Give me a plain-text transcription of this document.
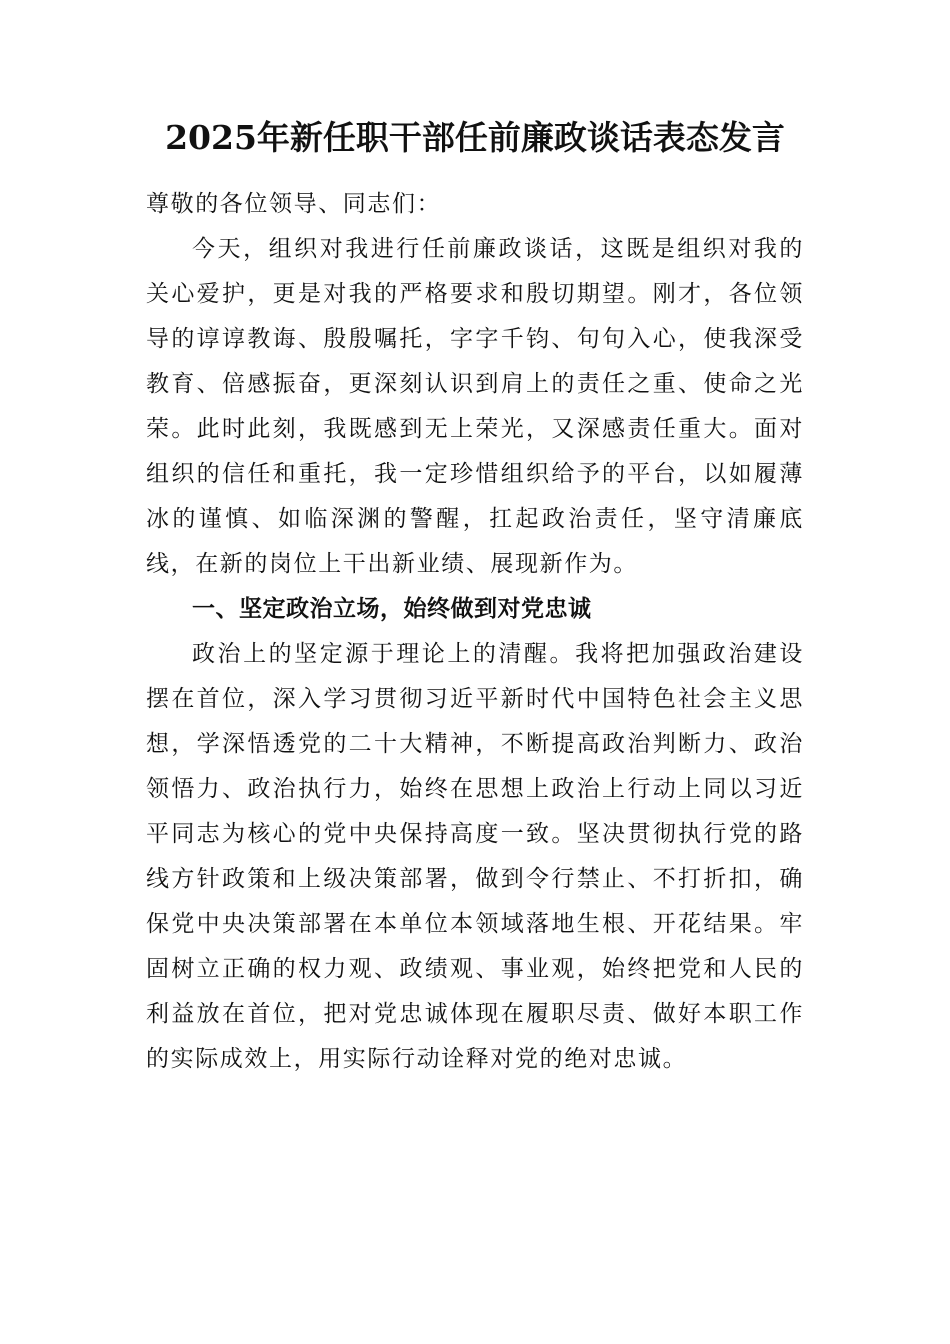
2025年新任职干部任前廉政谈话表态发言

尊敬的各位领导、同志们：

今天，组织对我进行任前廉政谈话，这既是组织对我的关心爱护，更是对我的严格要求和殷切期望。刚才，各位领导的谆谆教诲、殷殷嘱托，字字千钧、句句入心，使我深受教育、倍感振奋，更深刻认识到肩上的责任之重、使命之光荣。此时此刻，我既感到无上荣光，又深感责任重大。面对组织的信任和重托，我一定珍惜组织给予的平台，以如履薄冰的谨慎、如临深渊的警醒，扛起政治责任，坚守清廉底线，在新的岗位上干出新业绩、展现新作为。

一、坚定政治立场，始终做到对党忠诚

政治上的坚定源于理论上的清醒。我将把加强政治建设摆在首位，深入学习贯彻习近平新时代中国特色社会主义思想，学深悟透党的二十大精神，不断提高政治判断力、政治领悟力、政治执行力，始终在思想上政治上行动上同以习近平同志为核心的党中央保持高度一致。坚决贯彻执行党的路线方针政策和上级决策部署，做到令行禁止、不打折扣，确保党中央决策部署在本单位本领域落地生根、开花结果。牢固树立正确的权力观、政绩观、事业观，始终把党和人民的利益放在首位，把对党忠诚体现在履职尽责、做好本职工作的实际成效上，用实际行动诠释对党的绝对忠诚。
